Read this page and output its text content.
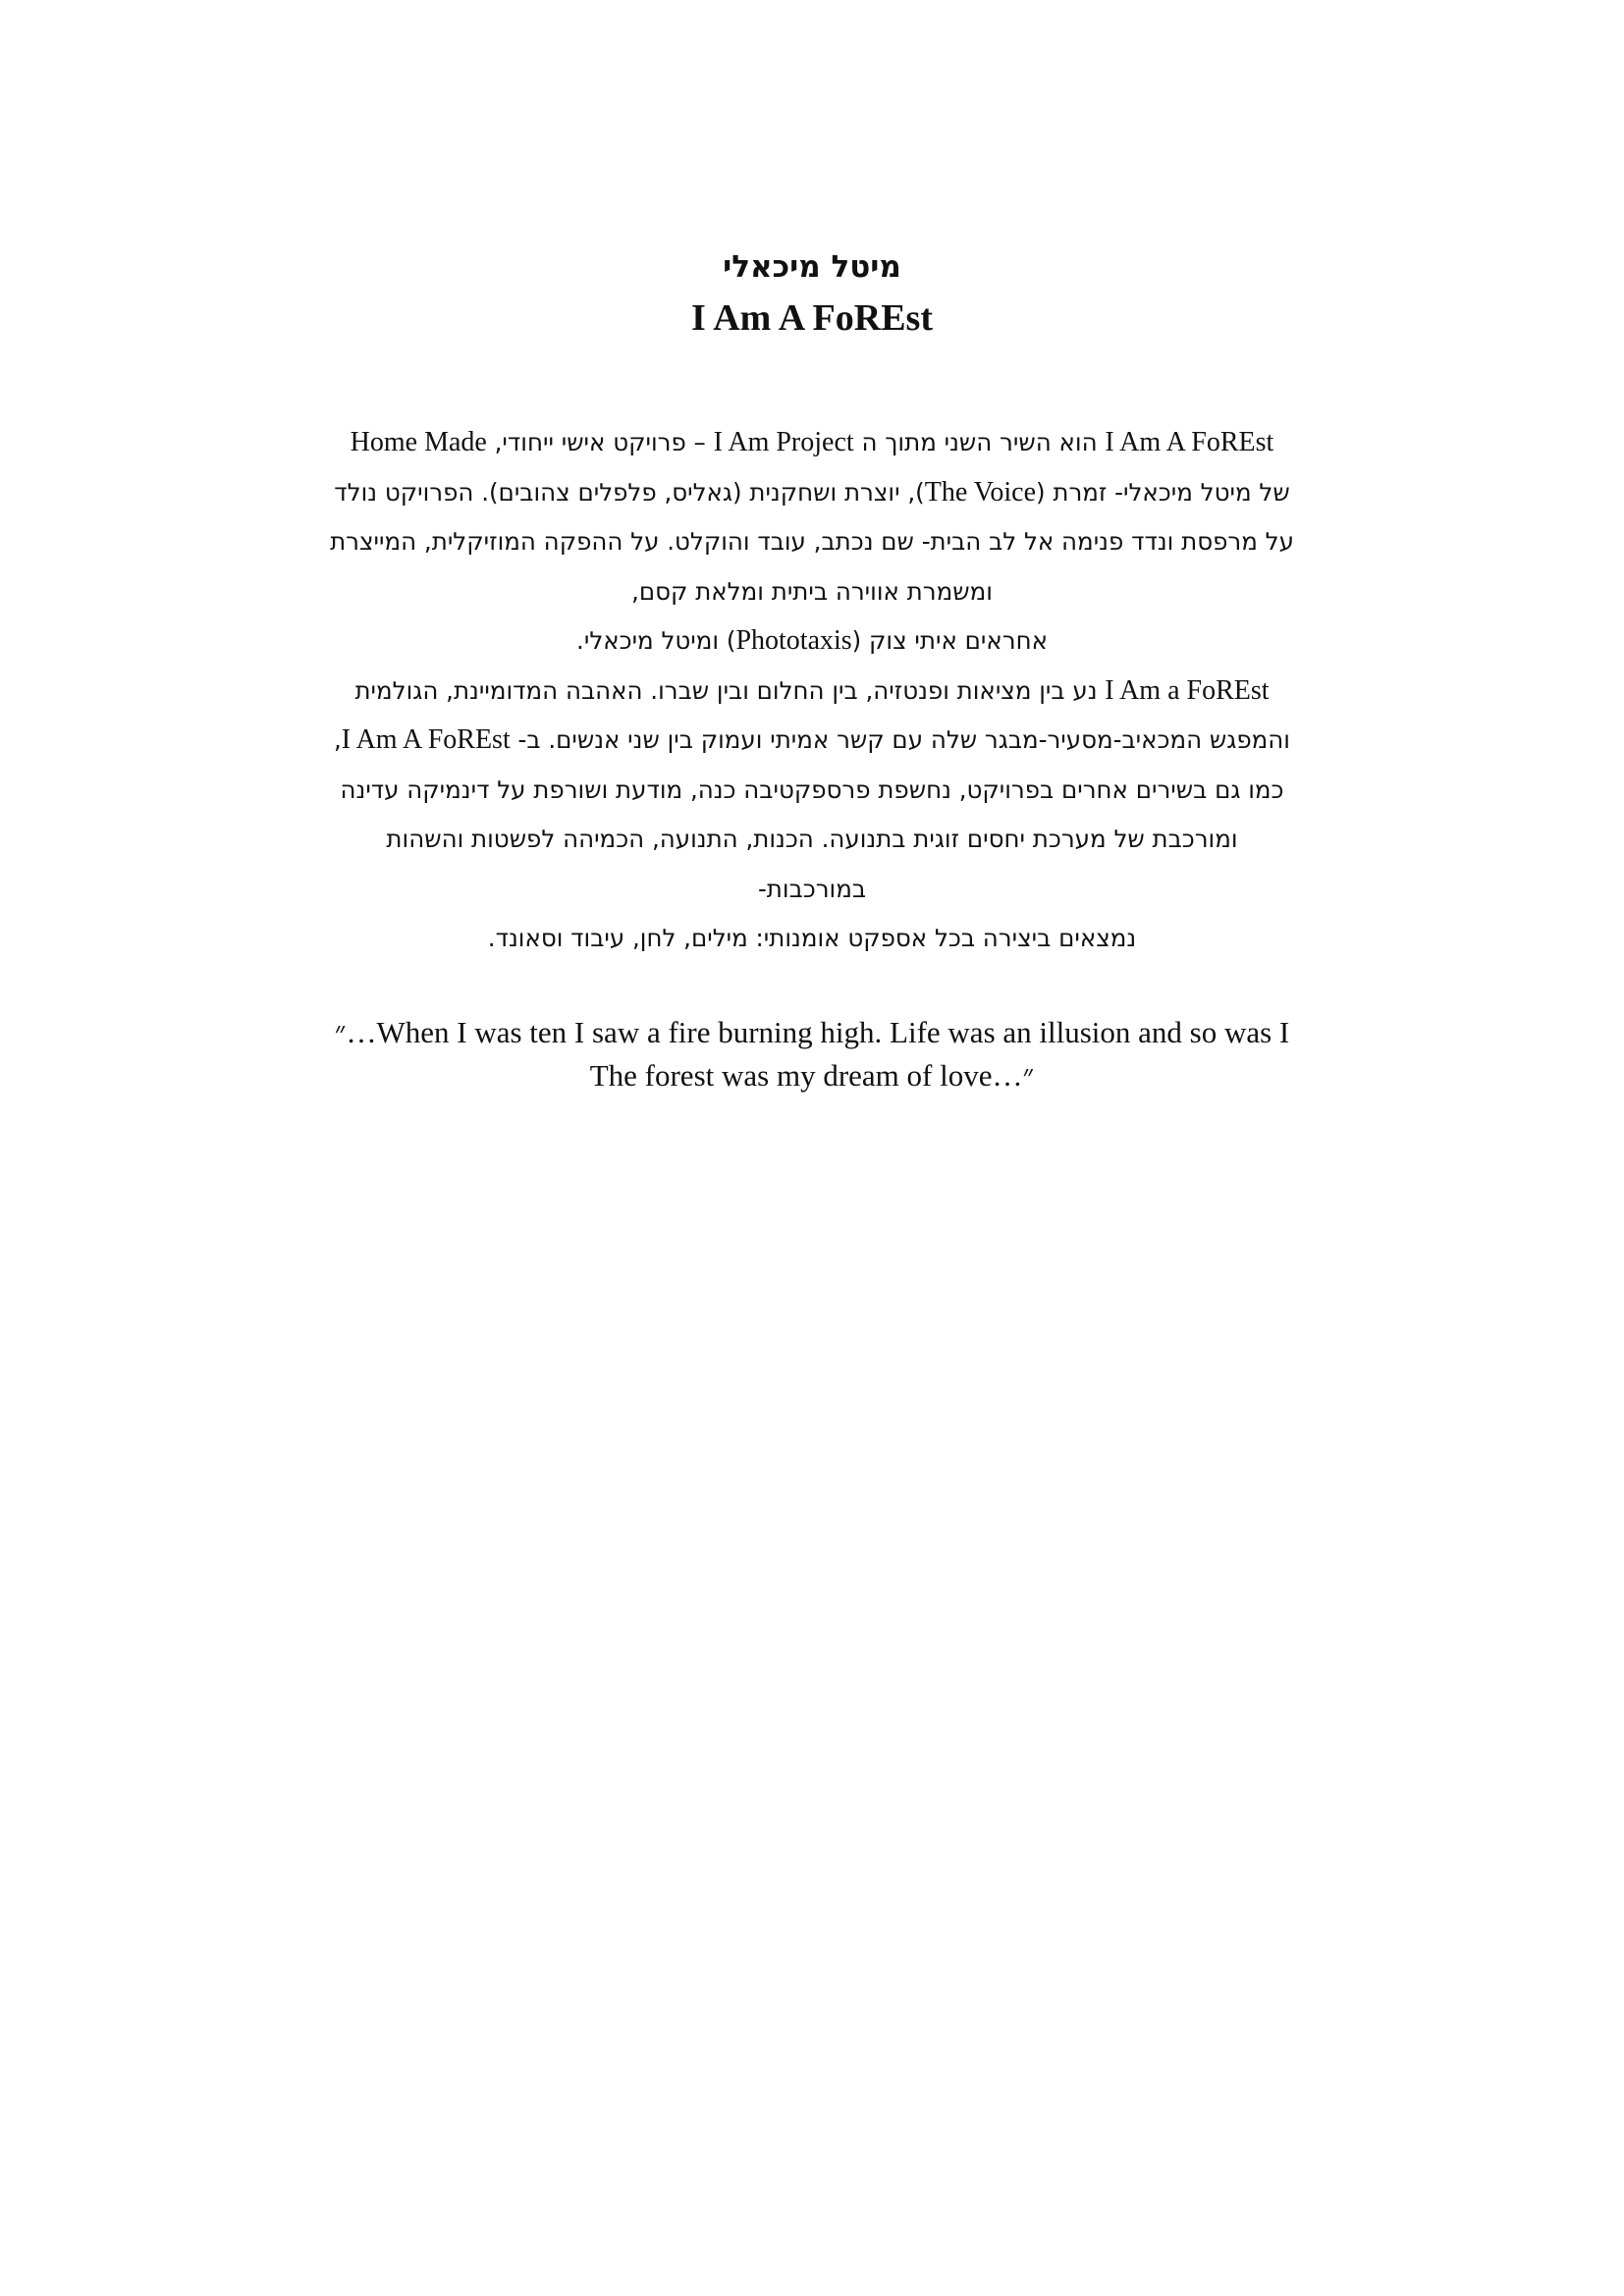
מיטל מיכאלי

I Am A FoREst

I Am A FoREst הוא השיר השני מתוך ה I Am Project – פרויקט אישי ייחודי, Home Made
של מיטל מיכאלי- זמרת (The Voice), יוצרת ושחקנית (גאליס, פלפלים צהובים). הפרויקט נולד
על מרפסת ונדד פנימה אל לב הבית- שם נכתב, עובד והוקלט. על ההפקה המוזיקלית, המייצרת
ומשמרת אווירה ביתית ומלאת קסם,
אחראים איתי צוק (Phototaxis) ומיטל מיכאלי.
I Am a FoREst נע בין מציאות ופנטזיה, בין החלום ובין שברו. האהבה המדומיינת, הגולמית
והמפגש המכאיב-מסעיר-מבגר שלה עם קשר אמיתי ועמוק בין שני אנשים. ב- I Am A FoREst,
כמו גם בשירים אחרים בפרויקט, נחשפת פרספקטיבה כנה, מודעת ושורפת על דינמיקה עדינה
ומורכבת של מערכת יחסים זוגית בתנועה. הכנות, התנועה, הכמיהה לפשטות והשהות
במורכבות-
נמצאים ביצירה בכל אספקט אומנותי: מילים, לחן, עיבוד וסאונד.
״…When I was ten I saw a fire burning high. Life was an illusion and so was I
The forest was my dream of love…״
